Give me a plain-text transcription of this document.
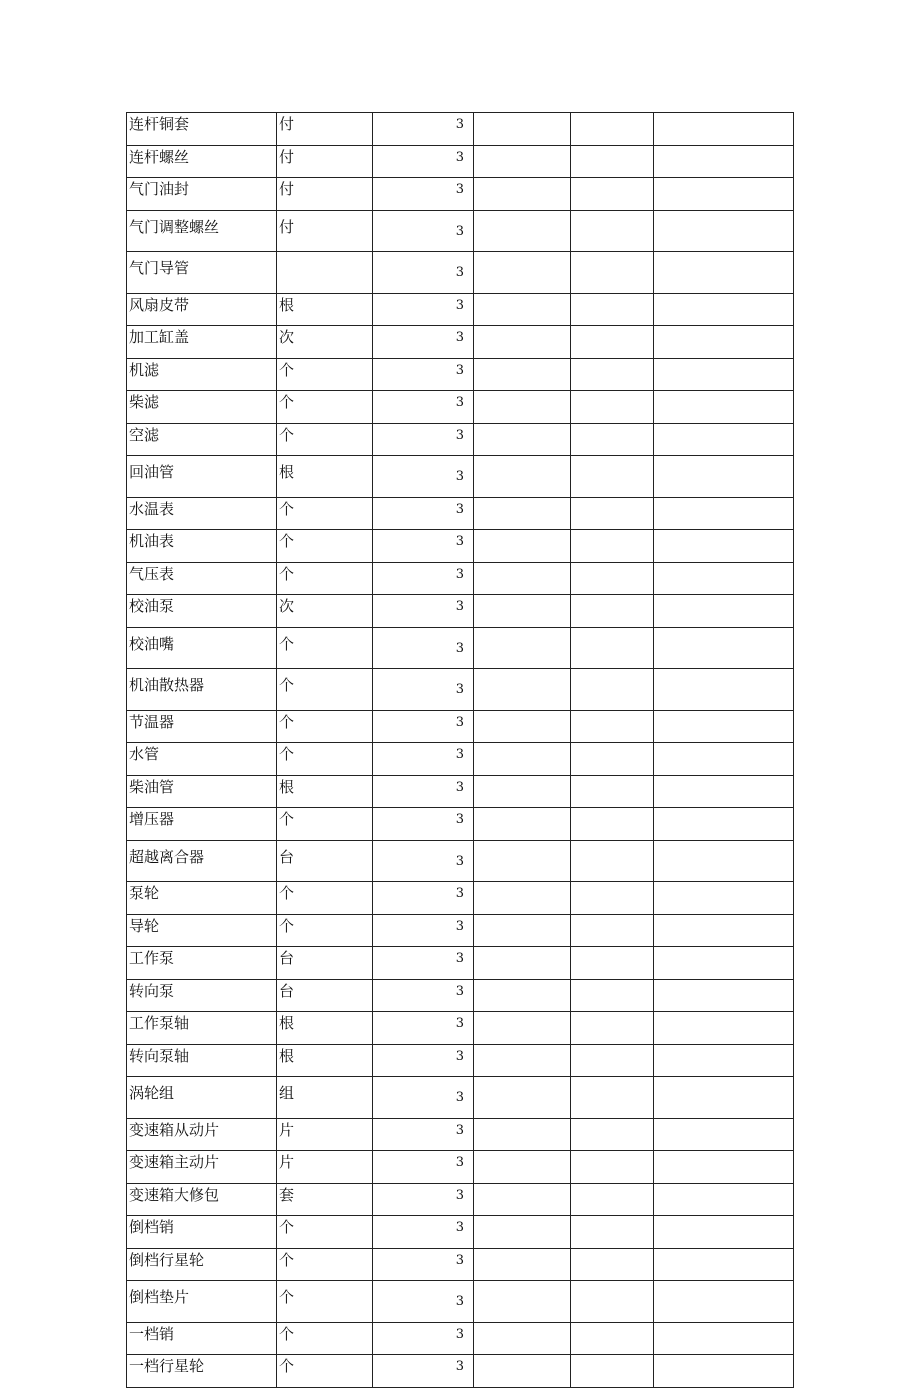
连杆铜套	付	3			
连杆螺丝	付	3			
气门油封	付	3			
气门调整螺丝	付	3			
气门导管		3			
风扇皮带	根	3			
加工缸盖	次	3			
机滤	个	3			
柴滤	个	3			
空滤	个	3			
回油管	根	3			
水温表	个	3			
机油表	个	3			
气压表	个	3			
校油泵	次	3			
校油嘴	个	3			
机油散热器	个	3			
节温器	个	3			
水管	个	3			
柴油管	根	3			
增压器	个	3			
超越离合器	台	3			
泵轮	个	3			
导轮	个	3			
工作泵	台	3			
转向泵	台	3			
工作泵轴	根	3			
转向泵轴	根	3			
涡轮组	组	3			
变速箱从动片	片	3			
变速箱主动片	片	3			
变速箱大修包	套	3			
倒档销	个	3			
倒档行星轮	个	3			
倒档垫片	个	3			
一档销	个	3			
一档行星轮	个	3			
